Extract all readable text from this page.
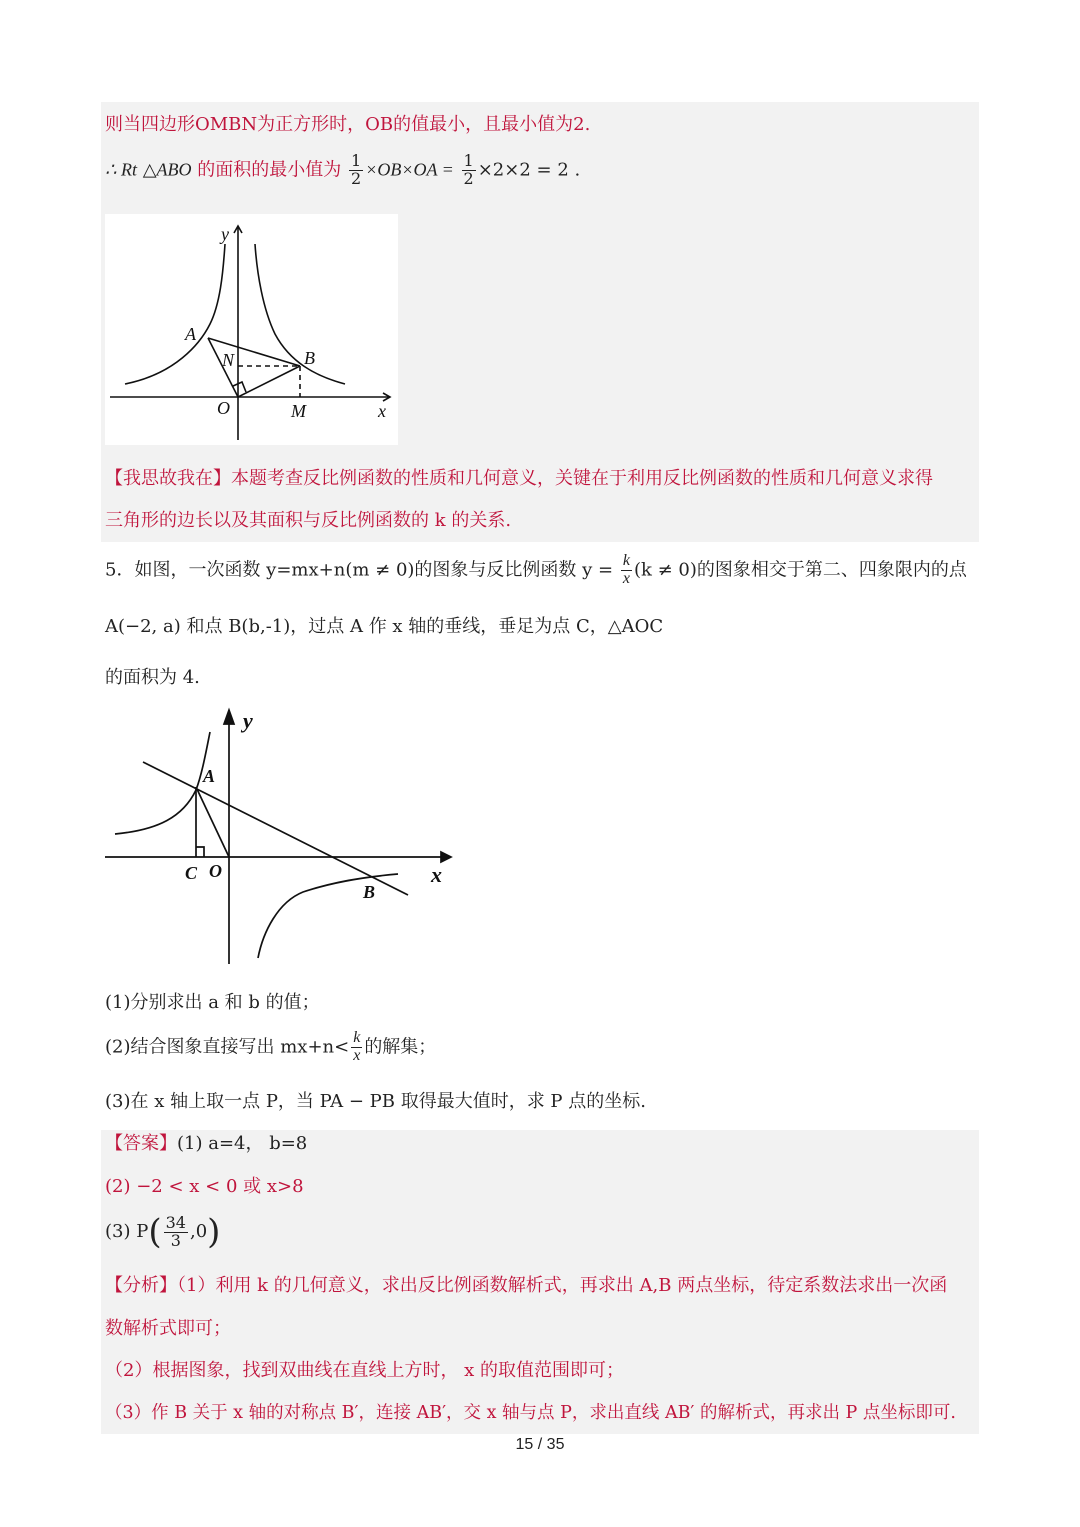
则当四边形OMBN为正方形时，OB的值最小，且最小值为2.
∴ Rt △ABO 的面积的最小值为 $\frac{1}{2} \times OB\times OA = \frac{1}{2} \times 2\times 2 = 2$ .
y
A
N	B
O	M	x
【我思故我在】本题考查反比例函数的性质和几何意义，关键在于利用反比例函数的性质和几何意义求得
三角形的边长以及其面积与反比例函数的 k 的关系.
5．如图，一次函数 y=mx+n(m ≠ 0)的图象与反比例函数 $y = \frac{k}{x} (k \ne 0)$的图象相交于第二、四象限内的点
A(−2, a) 和点 B(b,-1)，过点 A 作 x 轴的垂线，垂足为点 C，△AOC
的面积为 4.
y
A
C O	x
B
(1)分别求出 a 和 b 的值；
(2)结合图象直接写出 $mx+n< \frac{k}{x}$ 的解集；
(3)在 x 轴上取一点 P，当 PA − PB 取得最大值时，求 P 点的坐标.
【答案】(1) a=4， b=8
(2) −2 < x < 0 或 x>8
(3) $P( \frac{34}{3} ,0)$
【分析】（1）利用 k 的几何意义，求出反比例函数解析式，再求出 A,B 两点坐标，待定系数法求出一次函
数解析式即可；
（2）根据图象，找到双曲线在直线上方时， x 的取值范围即可；
（3）作 B 关于 x 轴的对称点 B′，连接 AB′，交 x 轴与点 P，求出直线 AB′ 的解析式，再求出 P 点坐标即可.
15 / 35
